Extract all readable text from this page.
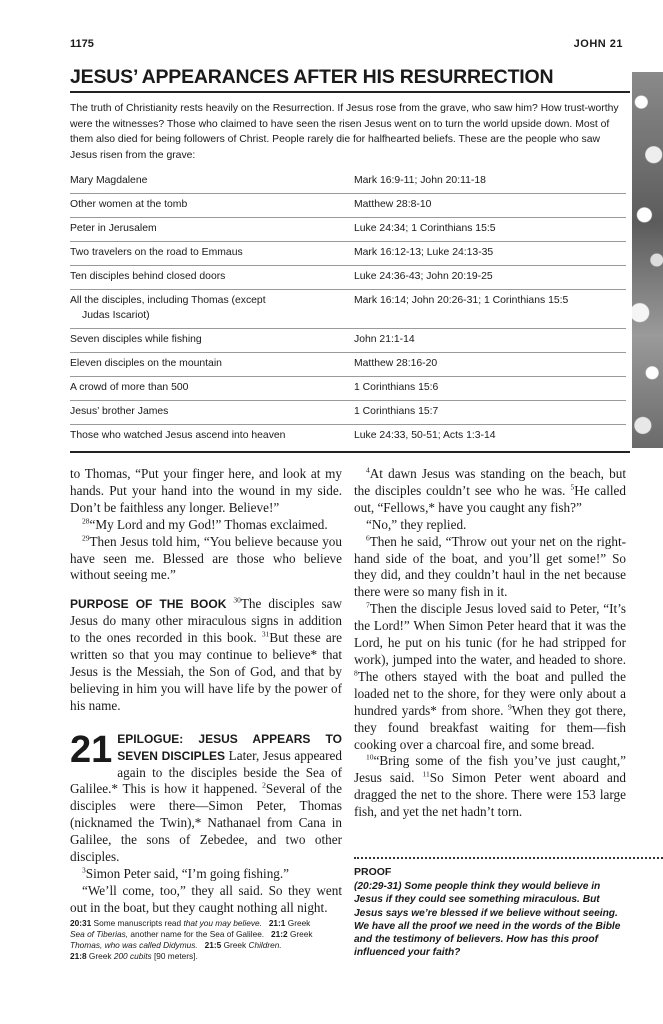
1175	JOHN 21
JESUS’ APPEARANCES AFTER HIS RESURRECTION
The truth of Christianity rests heavily on the Resurrection. If Jesus rose from the grave, who saw him? How trust-worthy were the witnesses? Those who claimed to have seen the risen Jesus went on to turn the world upside down. Most of them also died for being followers of Christ. People rarely die for halfhearted beliefs. These are the people who saw Jesus risen from the grave:
Mary Magdalene	Mark 16:9-11; John 20:11-18
Other women at the tomb	Matthew 28:8-10
Peter in Jerusalem	Luke 24:34; 1 Corinthians 15:5
Two travelers on the road to Emmaus	Mark 16:12-13; Luke 24:13-35
Ten disciples behind closed doors	Luke 24:36-43; John 20:19-25
All the disciples, including Thomas (except
Judas Iscariot)	Mark 16:14; John 20:26-31; 1 Corinthians 15:5
Seven disciples while fishing	John 21:1-14
Eleven disciples on the mountain	Matthew 28:16-20
A crowd of more than 500	1 Corinthians 15:6
Jesus’ brother James	1 Corinthians 15:7
Those who watched Jesus ascend into heaven	Luke 24:33, 50-51; Acts 1:3-14

to Thomas, “Put your finger here, and look at my hands. Put your hand into the wound in my side. Don’t be faithless any longer. Believe!”

$^{28}$“My Lord and my God!” Thomas exclaimed.

$^{29}$Then Jesus told him, “You believe because you have seen me. Blessed are those who believe without seeing me.”

PURPOSE OF THE BOOK $^{30}$The disciples saw Jesus do many other miraculous signs in addition to the ones recorded in this book. $^{31}$But these are written so that you may continue to believe* that Jesus is the Messiah, the Son of God, and that by believing in him you will have life by the power of his name.

21 EPILOGUE: JESUS APPEARS TO SEVEN DISCIPLES Later, Jesus appeared again to the disciples beside the Sea of Galilee.* This is how it happened. $^2$Several of the disciples were there—Simon Peter, Thomas (nicknamed the Twin),* Nathanael from Cana in Galilee, the sons of Zebedee, and two other disciples.

$^3$Simon Peter said, “I’m going fishing.”

“We’ll come, too,” they all said. So they went out in the boat, but they caught nothing all night.

20:31 Some manuscripts read that you may believe. 21:1 Greek
Sea of Tiberias, another name for the Sea of Galilee. 21:2 Greek
Thomas, who was called Didymus. 21:5 Greek Children.
21:8 Greek 200 cubits [90 meters].

$^4$At dawn Jesus was standing on the beach, but the disciples couldn’t see who he was. $^5$He called out, “Fellows,* have you caught any fish?”

“No,” they replied.

$^6$Then he said, “Throw out your net on the right-hand side of the boat, and you’ll get some!” So they did, and they couldn’t haul in the net because there were so many fish in it.

$^7$Then the disciple Jesus loved said to Peter, “It’s the Lord!” When Simon Peter heard that it was the Lord, he put on his tunic (for he had stripped for work), jumped into the water, and headed to shore. $^8$The others stayed with the boat and pulled the loaded net to the shore, for they were only about a hundred yards* from shore. $^9$When they got there, they found breakfast waiting for them—fish cooking over a charcoal fire, and some bread.

$^{10}$“Bring some of the fish you’ve just caught,” Jesus said. $^{11}$So Simon Peter went aboard and dragged the net to the shore. There were 153 large fish, and yet the net hadn’t torn.

PROOF
(20:29-31) Some people think they would believe in Jesus if they could see something miraculous. But Jesus says we’re blessed if we believe without seeing. We have all the proof we need in the words of the Bible and the testimony of believers. How has this proof influenced your faith?
